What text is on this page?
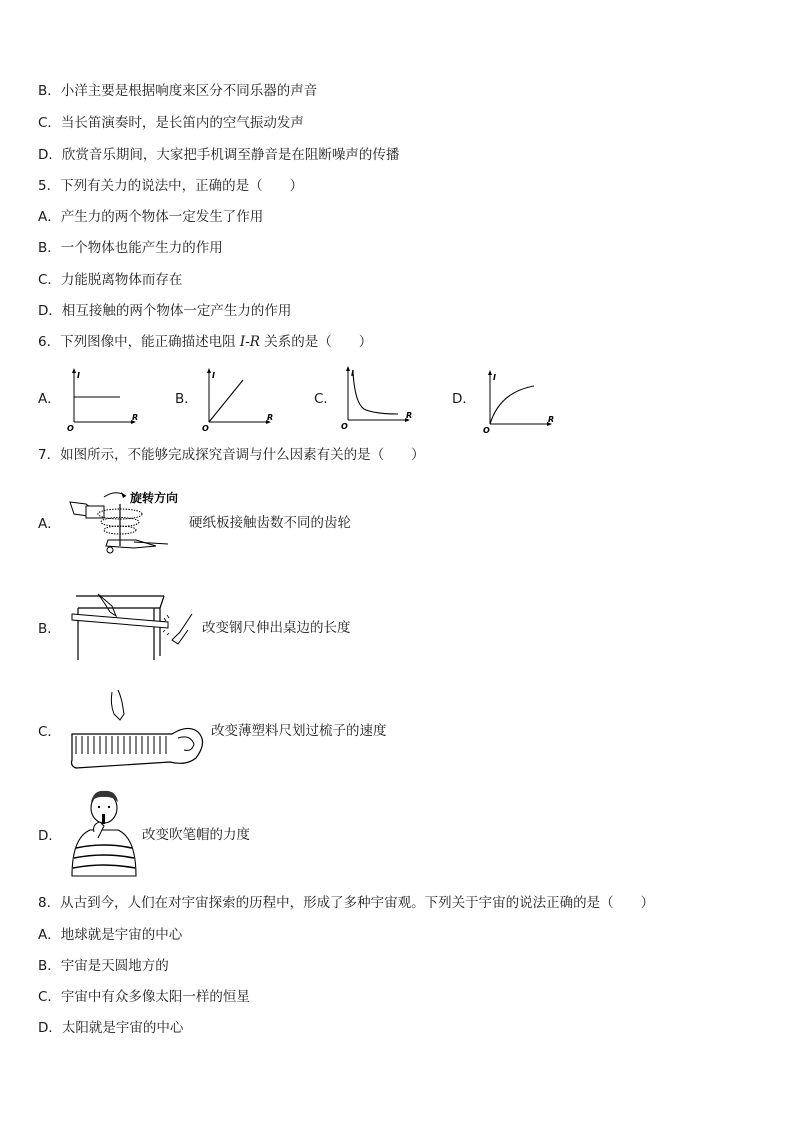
B．小洋主要是根据响度来区分不同乐器的声音
C．当长笛演奏时，是长笛内的空气振动发声
D．欣赏音乐期间，大家把手机调至静音是在阻断噪声的传播
5．下列有关力的说法中，正确的是（　　）
A．产生力的两个物体一定发生了作用
B．一个物体也能产生力的作用
C．力能脱离物体而存在
D．相互接触的两个物体一定产生力的作用
6．下列图像中，能正确描述电阻 I-R 关系的是（　　）
A．
I
R
O
B．
I
R
O
C．
I
R
O
D．
I
R
O
7．如图所示，不能够完成探究音调与什么因素有关的是（　　）
A．
旋转方向
硬纸板接触齿数不同的齿轮
B．	改变钢尺伸出桌边的长度
C．	改变薄塑料尺划过梳子的速度
D．	改变吹笔帽的力度
8．从古到今，人们在对宇宙探索的历程中，形成了多种宇宙观。下列关于宇宙的说法正确的是（　　）
A．地球就是宇宙的中心
B．宇宙是天圆地方的
C．宇宙中有众多像太阳一样的恒星
D．太阳就是宇宙的中心
